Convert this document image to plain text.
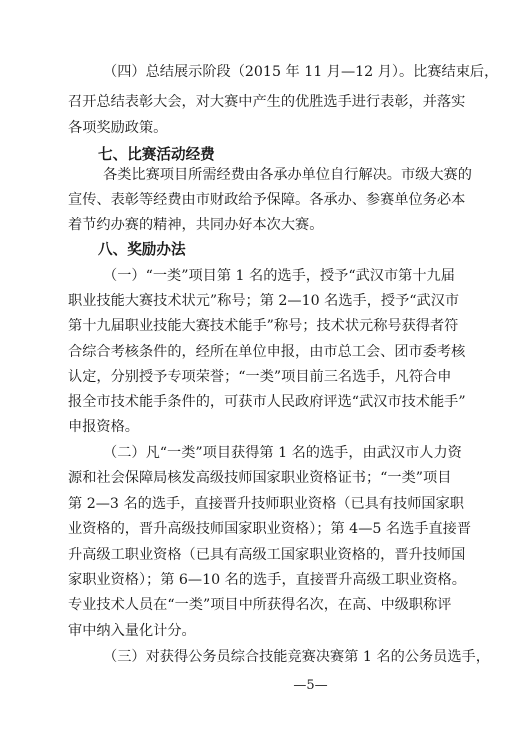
（四）总结展示阶段（2015 年 11 月—12 月）。比赛结束后，
召开总结表彰大会，对大赛中产生的优胜选手进行表彰，并落实
各项奖励政策。
七、比赛活动经费
各类比赛项目所需经费由各承办单位自行解决。市级大赛的
宣传、表彰等经费由市财政给予保障。各承办、参赛单位务必本
着节约办赛的精神，共同办好本次大赛。
八、奖励办法
（一）“一类”项目第 1 名的选手，授予“武汉市第十九届
职业技能大赛技术状元”称号；第 2—10 名选手，授予“武汉市
第十九届职业技能大赛技术能手”称号；技术状元称号获得者符
合综合考核条件的，经所在单位申报，由市总工会、团市委考核
认定，分别授予专项荣誉；“一类”项目前三名选手，凡符合申
报全市技术能手条件的，可获市人民政府评选“武汉市技术能手”
申报资格。
（二）凡“一类”项目获得第 1 名的选手，由武汉市人力资
源和社会保障局核发高级技师国家职业资格证书；“一类”项目
第 2—3 名的选手，直接晋升技师职业资格（已具有技师国家职
业资格的，晋升高级技师国家职业资格）；第 4—5 名选手直接晋
升高级工职业资格（已具有高级工国家职业资格的，晋升技师国
家职业资格）；第 6—10 名的选手，直接晋升高级工职业资格。
专业技术人员在“一类”项目中所获得名次，在高、中级职称评
审中纳入量化计分。
（三）对获得公务员综合技能竞赛决赛第 1 名的公务员选手，
—5—
